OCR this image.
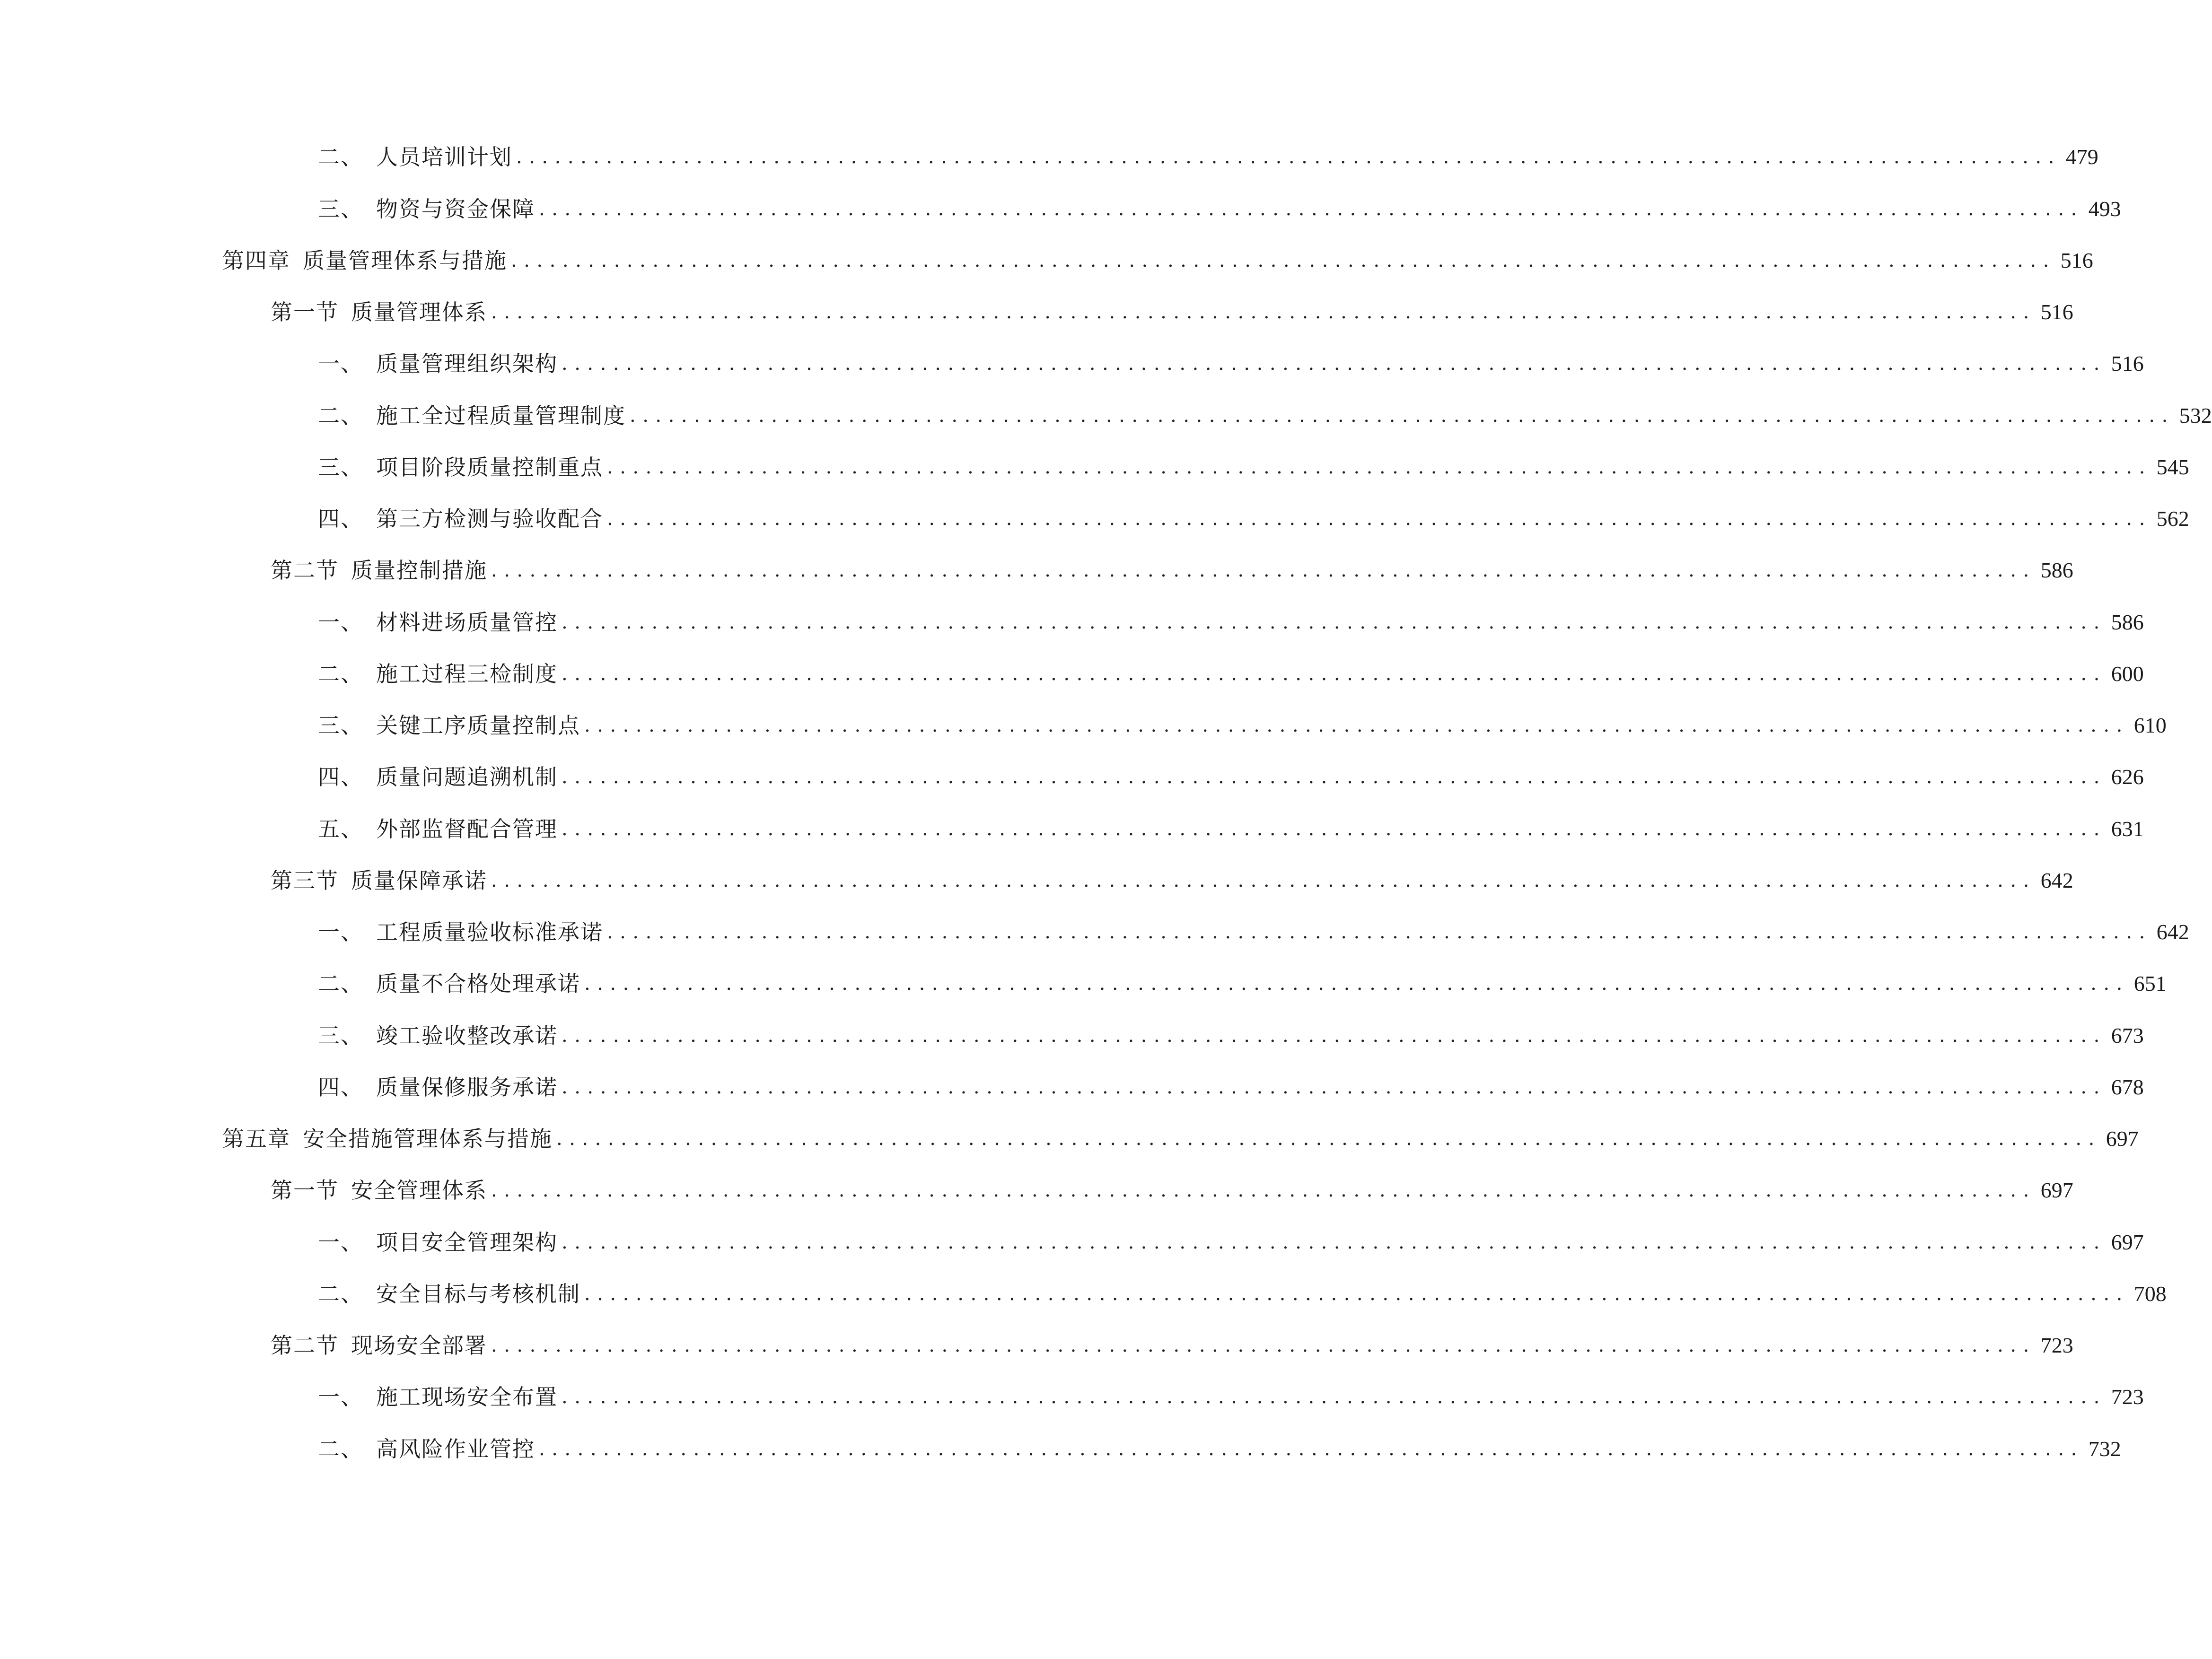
二、 人员培训计划 ........................................................................................................................ 479
三、 物资与资金保障 ........................................................................................................................ 493
第四章 质量管理体系与措施 ........................................................................................................................ 516
第一节 质量管理体系 ........................................................................................................................ 516
一、 质量管理组织架构 ........................................................................................................................ 516
二、 施工全过程质量管理制度 ........................................................................................................................ 532
三、 项目阶段质量控制重点 ........................................................................................................................ 545
四、 第三方检测与验收配合 ........................................................................................................................ 562
第二节 质量控制措施 ........................................................................................................................ 586
一、 材料进场质量管控 ........................................................................................................................ 586
二、 施工过程三检制度 ........................................................................................................................ 600
三、 关键工序质量控制点 ........................................................................................................................ 610
四、 质量问题追溯机制 ........................................................................................................................ 626
五、 外部监督配合管理 ........................................................................................................................ 631
第三节 质量保障承诺 ........................................................................................................................ 642
一、 工程质量验收标准承诺 ........................................................................................................................ 642
二、 质量不合格处理承诺 ........................................................................................................................ 651
三、 竣工验收整改承诺 ........................................................................................................................ 673
四、 质量保修服务承诺 ........................................................................................................................ 678
第五章 安全措施管理体系与措施 ........................................................................................................................ 697
第一节 安全管理体系 ........................................................................................................................ 697
一、 项目安全管理架构 ........................................................................................................................ 697
二、 安全目标与考核机制 ........................................................................................................................ 708
第二节 现场安全部署 ........................................................................................................................ 723
一、 施工现场安全布置 ........................................................................................................................ 723
二、 高风险作业管控 ........................................................................................................................ 732
